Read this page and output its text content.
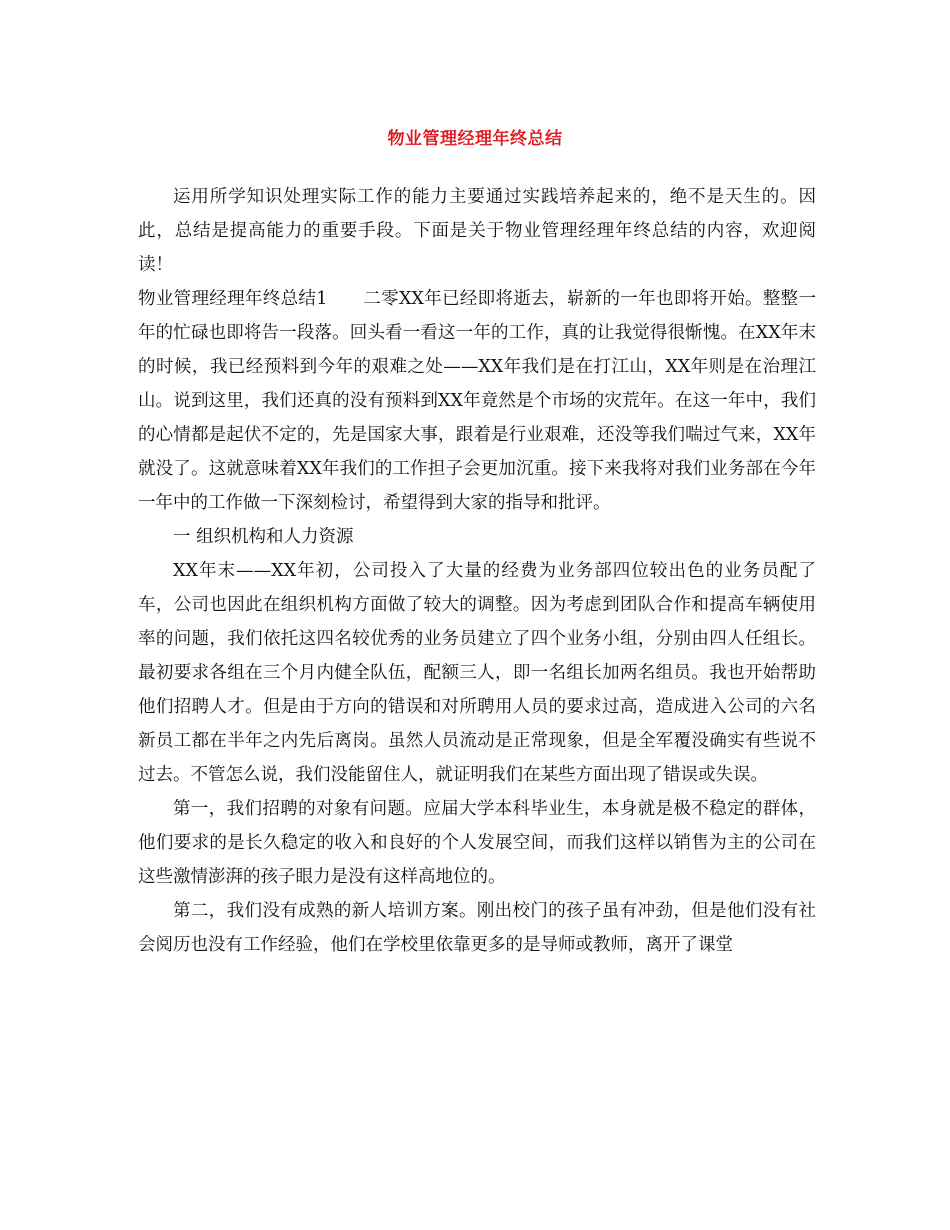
物业管理经理年终总结

运用所学知识处理实际工作的能力主要通过实践培养起来的，绝不是天生的。因此，总结是提高能力的重要手段。下面是关于物业管理经理年终总结的内容，欢迎阅读！

物业管理经理年终总结1　　二零XX年已经即将逝去，崭新的一年也即将开始。整整一年的忙碌也即将告一段落。回头看一看这一年的工作，真的让我觉得很惭愧。在XX年末的时候，我已经预料到今年的艰难之处——XX年我们是在打江山，XX年则是在治理江山。说到这里，我们还真的没有预料到XX年竟然是个市场的灾荒年。在这一年中，我们的心情都是起伏不定的，先是国家大事，跟着是行业艰难，还没等我们喘过气来，XX年就没了。这就意味着XX年我们的工作担子会更加沉重。接下来我将对我们业务部在今年一年中的工作做一下深刻检讨，希望得到大家的指导和批评。

一 组织机构和人力资源

XX年末——XX年初，公司投入了大量的经费为业务部四位较出色的业务员配了车，公司也因此在组织机构方面做了较大的调整。因为考虑到团队合作和提高车辆使用率的问题，我们依托这四名较优秀的业务员建立了四个业务小组，分别由四人任组长。最初要求各组在三个月内健全队伍，配额三人，即一名组长加两名组员。我也开始帮助他们招聘人才。但是由于方向的错误和对所聘用人员的要求过高，造成进入公司的六名新员工都在半年之内先后离岗。虽然人员流动是正常现象，但是全军覆没确实有些说不过去。不管怎么说，我们没能留住人，就证明我们在某些方面出现了错误或失误。

第一，我们招聘的对象有问题。应届大学本科毕业生，本身就是极不稳定的群体，他们要求的是长久稳定的收入和良好的个人发展空间，而我们这样以销售为主的公司在这些激情澎湃的孩子眼力是没有这样高地位的。

第二，我们没有成熟的新人培训方案。刚出校门的孩子虽有冲劲，但是他们没有社会阅历也没有工作经验，他们在学校里依靠更多的是导师或教师，离开了课堂
